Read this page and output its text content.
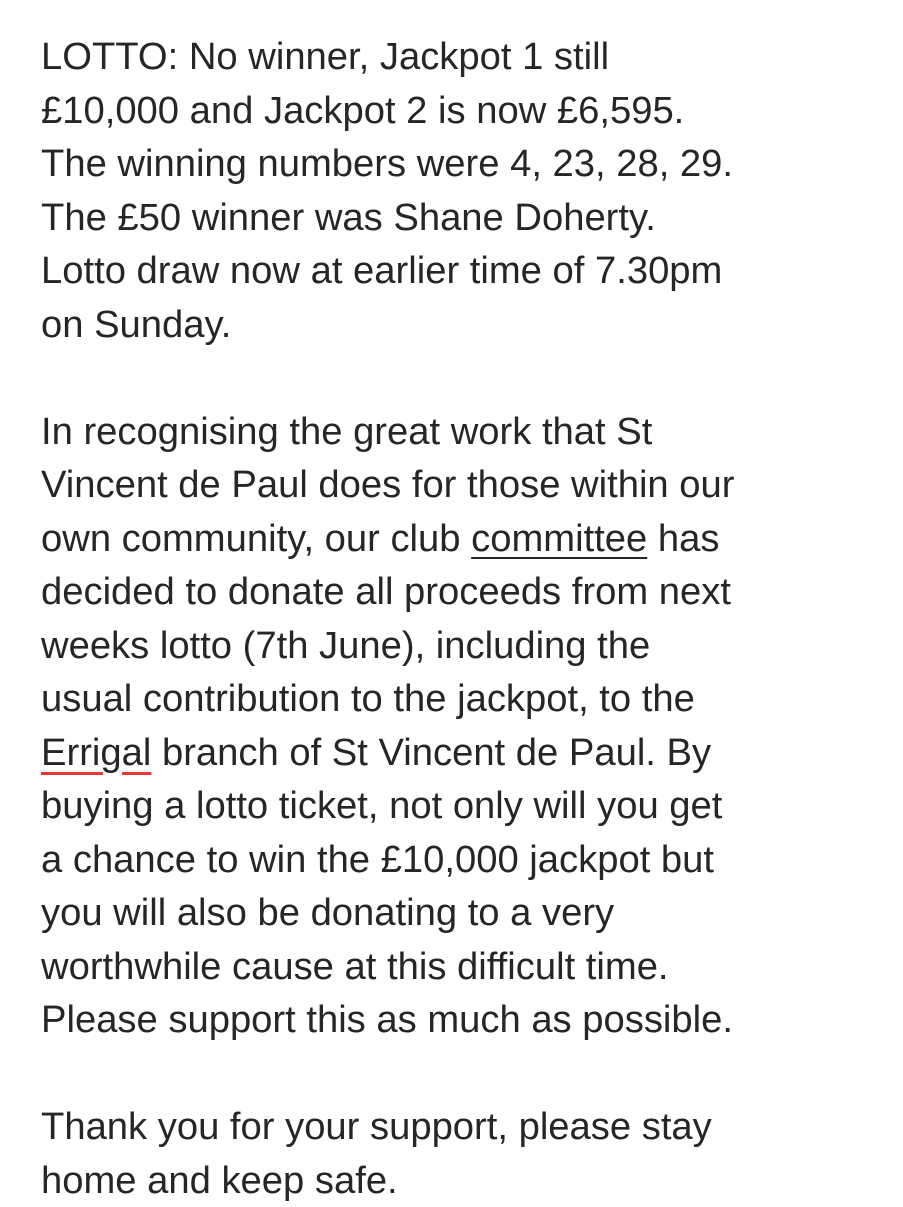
LOTTO: No winner, Jackpot 1 still
£10,000 and Jackpot 2 is now £6,595.
The winning numbers were 4, 23, 28, 29.
The £50 winner was Shane Doherty.
Lotto draw now at earlier time of 7.30pm
on Sunday.
In recognising the great work that St
Vincent de Paul does for those within our
own community, our club committee has
decided to donate all proceeds from next
weeks lotto (7th June), including the
usual contribution to the jackpot, to the
Errigal branch of St Vincent de Paul. By
buying a lotto ticket, not only will you get
a chance to win the £10,000 jackpot but
you will also be donating to a very
worthwhile cause at this difficult time.
Please support this as much as possible.
Thank you for your support, please stay
home and keep safe.
